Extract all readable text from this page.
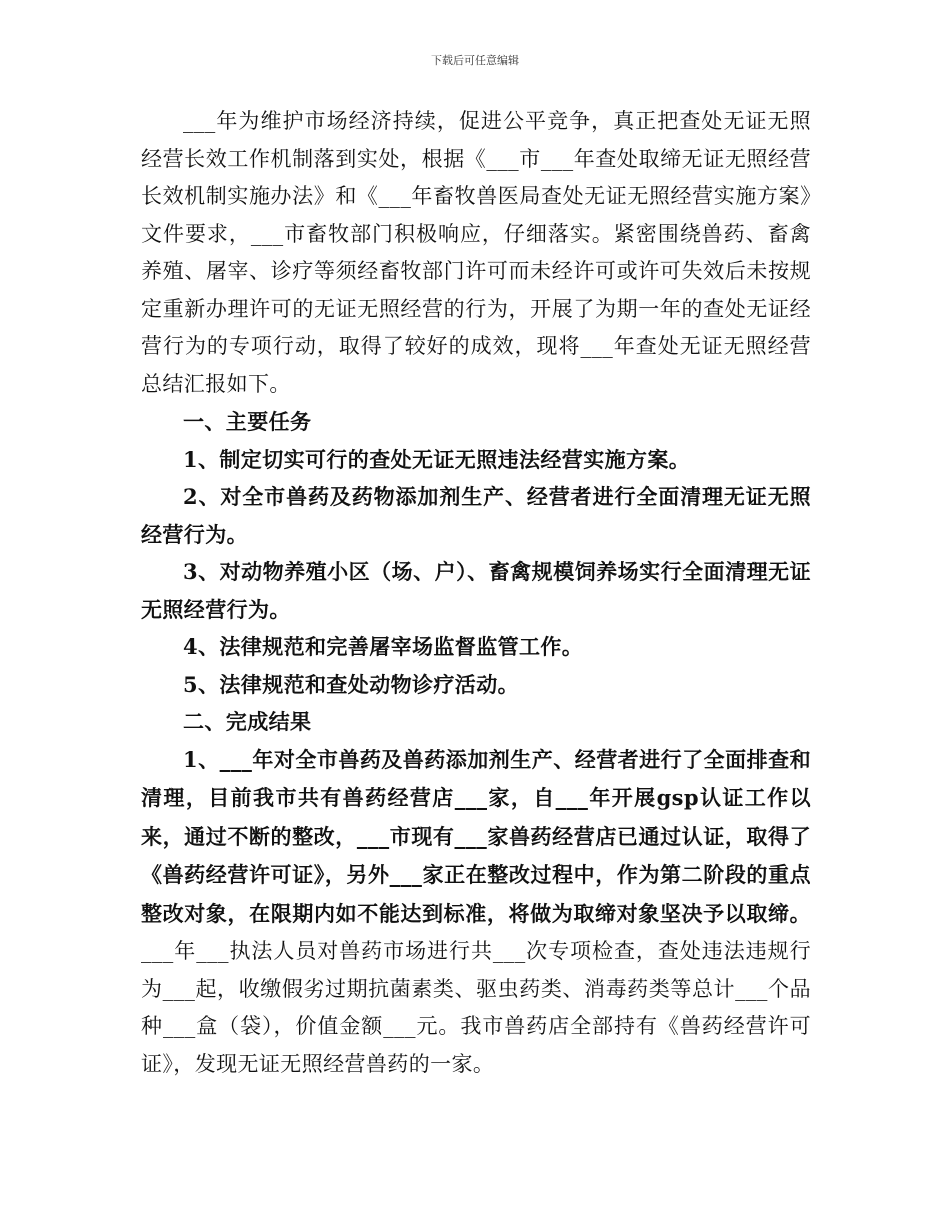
下载后可任意编辑

___年为维护市场经济持续，促进公平竞争，真正把查处无证无照经营长效工作机制落到实处，根据《___市___年查处取缔无证无照经营长效机制实施办法》和《___年畜牧兽医局查处无证无照经营实施方案》文件要求，___市畜牧部门积极响应，仔细落实。紧密围绕兽药、畜禽养殖、屠宰、诊疗等须经畜牧部门许可而未经许可或许可失效后未按规定重新办理许可的无证无照经营的行为，开展了为期一年的查处无证经营行为的专项行动，取得了较好的成效，现将___年查处无证无照经营总结汇报如下。

一、主要任务

1、制定切实可行的查处无证无照违法经营实施方案。

2、对全市兽药及药物添加剂生产、经营者进行全面清理无证无照经营行为。

3、对动物养殖小区（场、户）、畜禽规模饲养场实行全面清理无证无照经营行为。

4、法律规范和完善屠宰场监督监管工作。

5、法律规范和查处动物诊疗活动。

二、完成结果

1、___年对全市兽药及兽药添加剂生产、经营者进行了全面排查和清理，目前我市共有兽药经营店___家，自___年开展gsp认证工作以来，通过不断的整改，___市现有___家兽药经营店已通过认证，取得了《兽药经营许可证》，另外___家正在整改过程中，作为第二阶段的重点整改对象，在限期内如不能达到标准，将做为取缔对象坚决予以取缔。___年___执法人员对兽药市场进行共___次专项检查，查处违法违规行为___起，收缴假劣过期抗菌素类、驱虫药类、消毒药类等总计___个品种___盒（袋），价值金额___元。我市兽药店全部持有《兽药经营许可证》，发现无证无照经营兽药的一家。
